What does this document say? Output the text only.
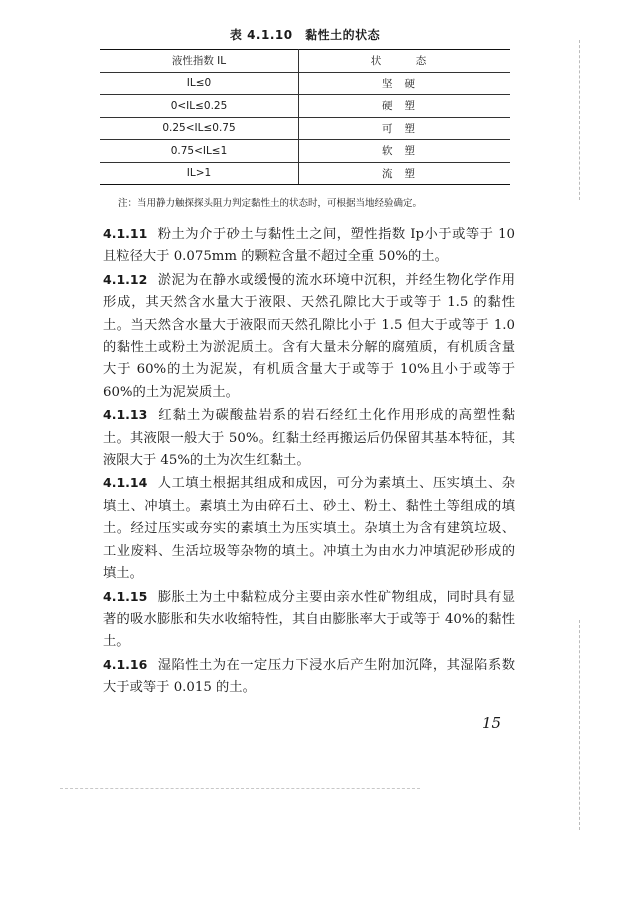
表 4.1.10　黏性土的状态
液性指数 IL	状　态
IL≤0	坚硬
0<IL≤0.25	硬塑
0.25<IL≤0.75	可塑
0.75<IL≤1	软塑
IL>1	流塑
注：当用静力触探探头阻力判定黏性土的状态时，可根据当地经验确定。

4.1.11 粉土为介于砂土与黏性土之间，塑性指数 Ip小于或等于 10 且粒径大于 0.075mm 的颗粒含量不超过全重 50%的土。

4.1.12 淤泥为在静水或缓慢的流水环境中沉积，并经生物化学作用形成，其天然含水量大于液限、天然孔隙比大于或等于 1.5 的黏性土。当天然含水量大于液限而天然孔隙比小于 1.5 但大于或等于 1.0 的黏性土或粉土为淤泥质土。含有大量未分解的腐殖质，有机质含量大于 60%的土为泥炭，有机质含量大于或等于 10%且小于或等于 60%的土为泥炭质土。

4.1.13 红黏土为碳酸盐岩系的岩石经红土化作用形成的高塑性黏土。其液限一般大于 50%。红黏土经再搬运后仍保留其基本特征，其液限大于 45%的土为次生红黏土。

4.1.14 人工填土根据其组成和成因，可分为素填土、压实填土、杂填土、冲填土。素填土为由碎石土、砂土、粉土、黏性土等组成的填土。经过压实或夯实的素填土为压实填土。杂填土为含有建筑垃圾、工业废料、生活垃圾等杂物的填土。冲填土为由水力冲填泥砂形成的填土。

4.1.15 膨胀土为土中黏粒成分主要由亲水性矿物组成，同时具有显著的吸水膨胀和失水收缩特性，其自由膨胀率大于或等于 40%的黏性土。

4.1.16 湿陷性土为在一定压力下浸水后产生附加沉降，其湿陷系数大于或等于 0.015 的土。

15
